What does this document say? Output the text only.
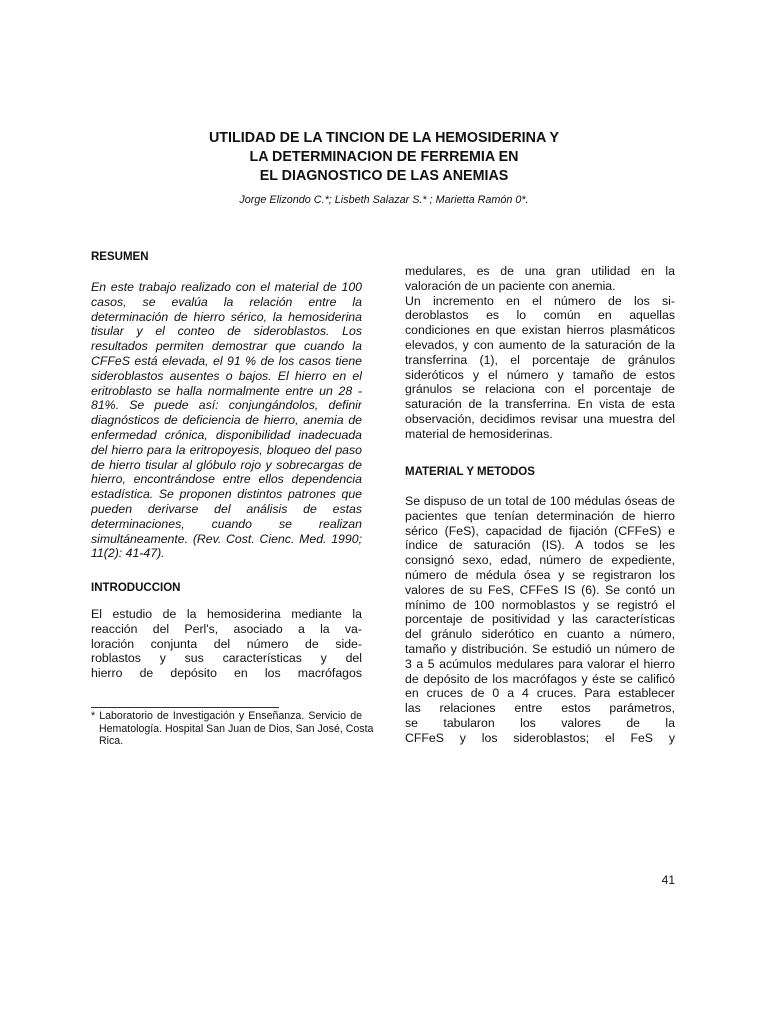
UTILIDAD DE LA TINCION DE LA HEMOSIDERINA Y
LA DETERMINACION DE FERREMIA EN
EL DIAGNOSTICO DE LAS ANEMIAS
Jorge Elizondo C.*; Lisbeth Salazar S.* ; Marietta Ramón 0*.
RESUMEN
En este trabajo realizado con el material de 100
casos, se evalúa la relación entre la
determinación de hierro sérico, la hemosiderina
tisular y el conteo de sideroblastos. Los
resultados permiten demostrar que cuando la
CFFeS está elevada, el 91 % de los casos tiene
sideroblastos ausentes o bajos. El hierro en el
eritroblasto se halla normalmente entre un 28 -
81%. Se puede así: conjungándolos, definir
diagnósticos de deficiencia de hierro, anemia de
enfermedad crónica, disponibilidad inadecuada
del hierro para la eritropoyesis, bloqueo del paso
de hierro tisular al glóbulo rojo y sobrecargas de
hierro, encontrándose entre ellos dependencia
estadística. Se proponen distintos patrones que
pueden derivarse del análisis de estas
determinaciones, cuando se realizan
simultáneamente. (Rev. Cost. Cienc. Med. 1990;
11(2): 41-47).
INTRODUCCION
El estudio de la hemosiderina mediante la
reacción del Perl's, asociado a la va-
loración conjunta del número de side-
roblastos y sus características y del
hierro de depósito en los macrófagos
* Laboratorio de Investigación y Enseñanza. Servicio de
Hematología. Hospital San Juan de Dios, San José, Costa
Rica.
medulares, es de una gran utilidad en la
valoración de un paciente con anemia.
Un incremento en el número de los si-
deroblastos es lo común en aquellas
condiciones en que existan hierros plasmáticos
elevados, y con aumento de la saturación de la
transferrina (1), el porcentaje de gránulos
sideróticos y el número y tamaño de estos
gránulos se relaciona con el porcentaje de
saturación de la transferrina. En vista de esta
observación, decidimos revisar una muestra del
material de hemosiderinas.
MATERIAL Y METODOS
Se dispuso de un total de 100 médulas óseas de
pacientes que tenían determinación de hierro
sérico (FeS), capacidad de fijación (CFFeS) e
índice de saturación (IS). A todos se les
consignó sexo, edad, número de expediente,
número de médula ósea y se registraron los
valores de su FeS, CFFeS IS (6). Se contó un
mínimo de 100 normoblastos y se registró el
porcentaje de positividad y las características
del gránulo siderótico en cuanto a número,
tamaño y distribución. Se estudió un número de
3 a 5 acúmulos medulares para valorar el hierro
de depósito de los macrófagos y éste se calificó
en cruces de 0 a 4 cruces. Para establecer
las relaciones entre estos parámetros,
se tabularon los valores de la
CFFeS y los sideroblastos; el FeS y
41
